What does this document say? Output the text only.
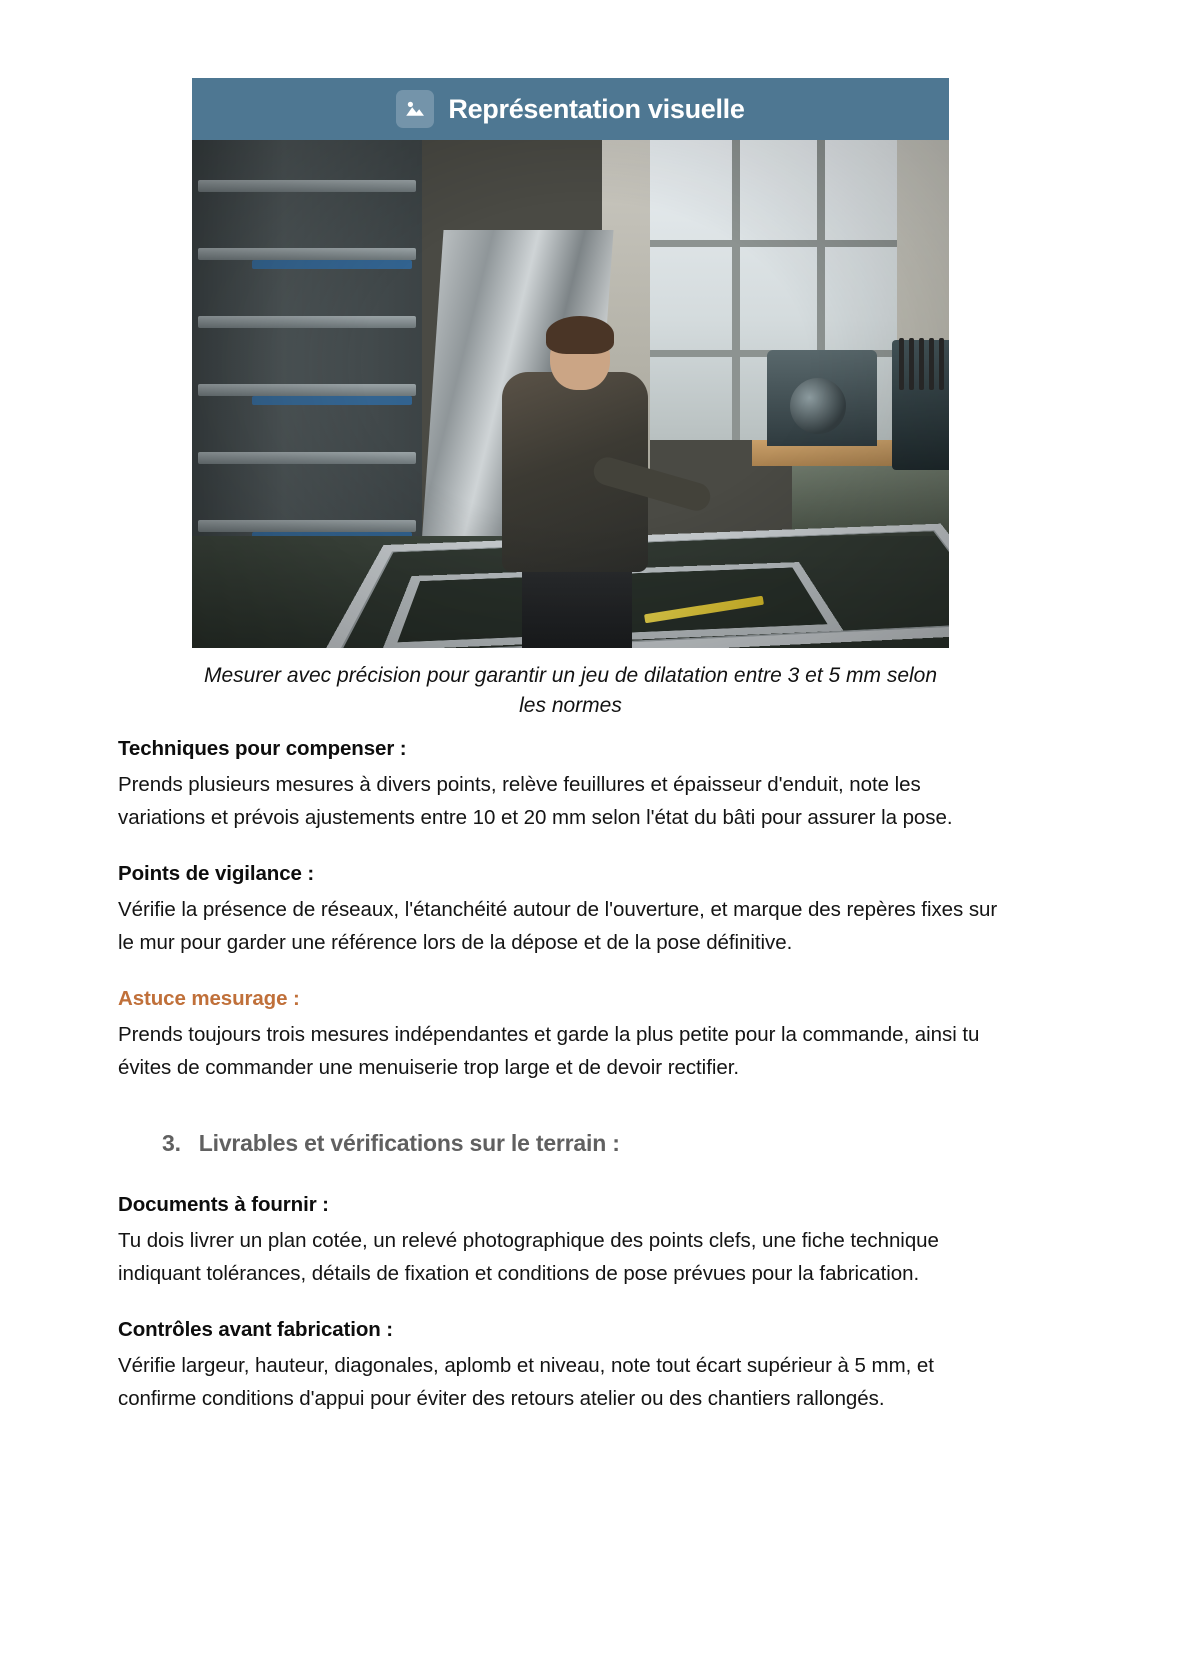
Représentation visuelle
Mesurer avec précision pour garantir un jeu de dilatation entre 3 et 5 mm selon les normes
Techniques pour compenser :
Prends plusieurs mesures à divers points, relève feuillures et épaisseur d'enduit, note les variations et prévois ajustements entre 10 et 20 mm selon l'état du bâti pour assurer la pose.
Points de vigilance :
Vérifie la présence de réseaux, l'étanchéité autour de l'ouverture, et marque des repères fixes sur le mur pour garder une référence lors de la dépose et de la pose définitive.
Astuce mesurage :
Prends toujours trois mesures indépendantes et garde la plus petite pour la commande, ainsi tu évites de commander une menuiserie trop large et de devoir rectifier.
3. Livrables et vérifications sur le terrain :
Documents à fournir :
Tu dois livrer un plan cotée, un relevé photographique des points clefs, une fiche technique indiquant tolérances, détails de fixation et conditions de pose prévues pour la fabrication.
Contrôles avant fabrication :
Vérifie largeur, hauteur, diagonales, aplomb et niveau, note tout écart supérieur à 5 mm, et confirme conditions d'appui pour éviter des retours atelier ou des chantiers rallongés.
